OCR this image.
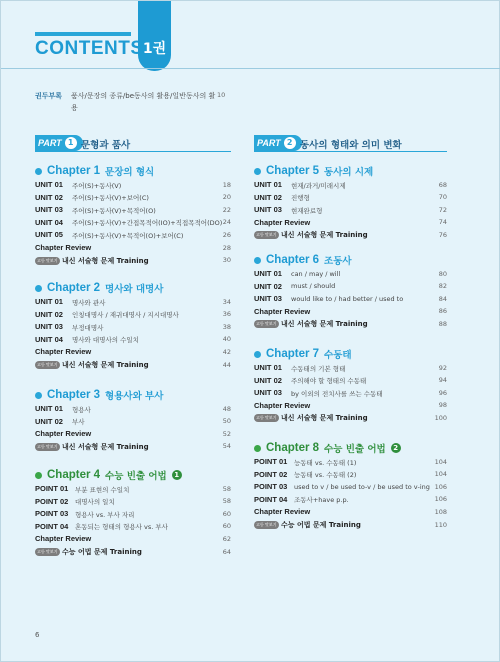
1권
CONTENTS
권두부록 품사/문장의 종류/be동사의 활용/일반동사의 활용
10
PART 1 문형과 품사
Chapter 1 문장의 형식
UNIT 01 주어(S)+동사(V)	18
UNIT 02 주어(S)+동사(V)+보어(C)	20
UNIT 03 주어(S)+동사(V)+목적어(O)	22
UNIT 04 주어(S)+동사(V)+간접목적어(IO)+직접목적어(DO) 24
UNIT 05 주어(S)+동사(V)+목적어(O)+보어(C)	26
Chapter Review	28
고등 맛보기 내신 서술형 문제 Training	30
Chapter 2 명사와 대명사
UNIT 01 명사와 관사	34
UNIT 02 인칭대명사 / 재귀대명사 / 지시대명사	36
UNIT 03 부정대명사	38
UNIT 04 명사와 대명사의 수일치	40
Chapter Review	42
고등 맛보기 내신 서술형 문제 Training	44
Chapter 3 형용사와 부사
UNIT 01 형용사	48
UNIT 02 부사	50
Chapter Review	52
고등 맛보기 내신 서술형 문제 Training	54
Chapter 4 수능 빈출 어법	1
POINT 01 부분 표현의 수일치	58
POINT 02 대명사의 일치	58
POINT 03 형용사 vs. 부사 자리	60
POINT 04 혼동되는 형태의 형용사 vs. 부사	60
Chapter Review	62
고등 맛보기 수능 어법 문제 Training	64
PART 2 동사의 형태와 의미 변화
Chapter 5 동사의 시제
UNIT 01 현재/과거/미래시제	68
UNIT 02 진행형	70
UNIT 03 현재완료형	72
Chapter Review	74
고등 맛보기 내신 서술형 문제 Training	76
Chapter 6 조동사
UNIT 01 can / may / will	80
UNIT 02 must / should	82
UNIT 03 would like to / had better / used to	84
Chapter Review	86
고등 맛보기 내신 서술형 문제 Training	88
Chapter 7 수동태
UNIT 01 수동태의 기본 형태	92
UNIT 02 주의해야 할 형태의 수동태	94
UNIT 03 by 이외의 전치사를 쓰는 수동태	96
Chapter Review	98
고등 맛보기 내신 서술형 문제 Training	100
Chapter 8 수능 빈출 어법	2
POINT 01 능동태 vs. 수동태 (1)	104
POINT 02 능동태 vs. 수동태 (2)	104
POINT 03 used to v / be used to-v / be used to v-ing 106
POINT 04 조동사+have p.p.	106
Chapter Review	108
고등 맛보기 수능 어법 문제 Training	110
6
